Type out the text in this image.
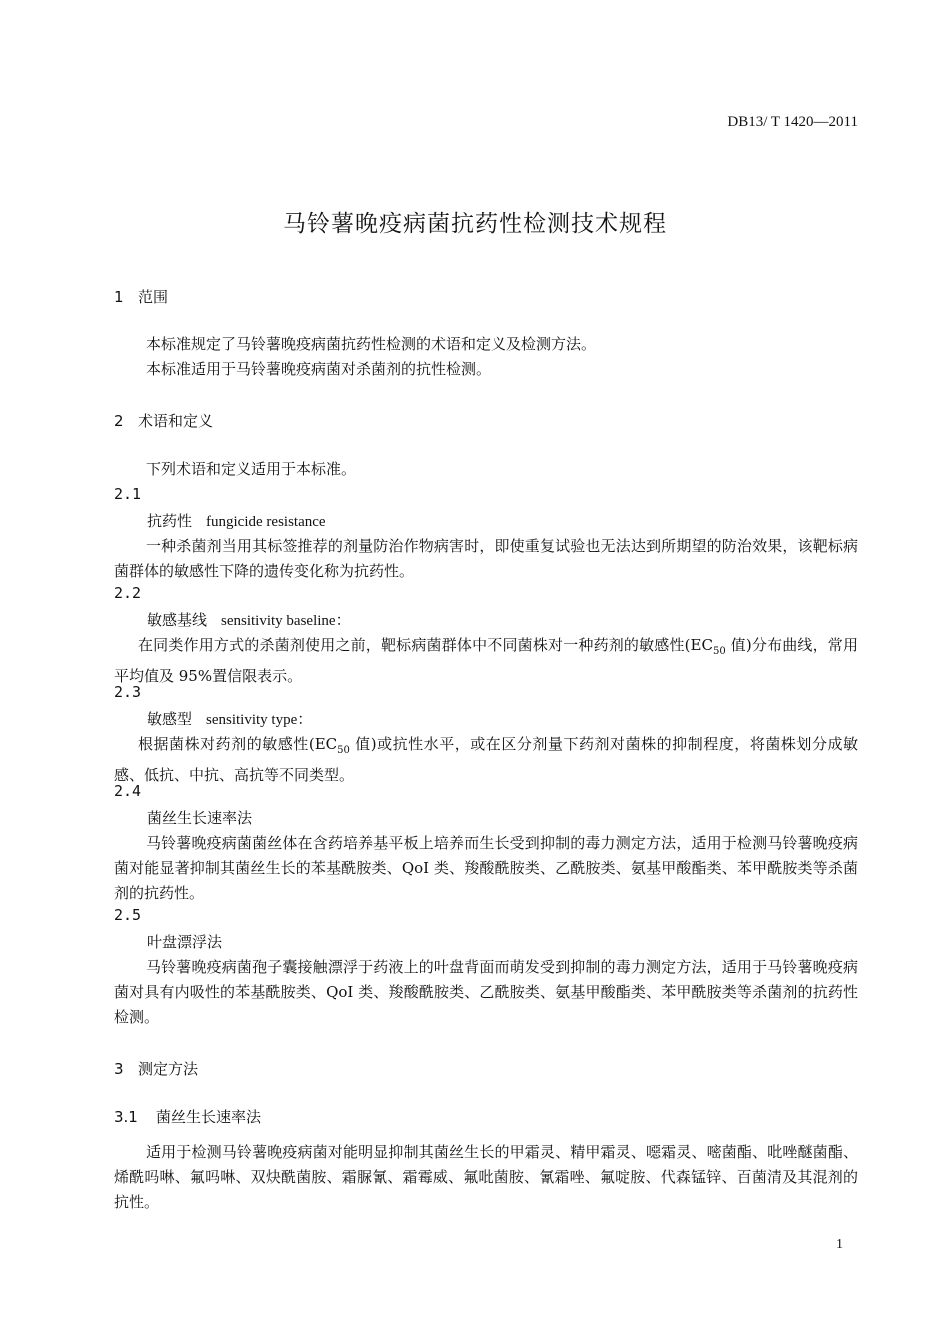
DB13/ T 1420—2011
马铃薯晚疫病菌抗药性检测技术规程
1 范围
本标准规定了马铃薯晚疫病菌抗药性检测的术语和定义及检测方法。
本标准适用于马铃薯晚疫病菌对杀菌剂的抗性检测。
2 术语和定义
下列术语和定义适用于本标准。
2.1
抗药性 fungicide resistance
一种杀菌剂当用其标签推荐的剂量防治作物病害时，即使重复试验也无法达到所期望的防治效果，该靶标病菌群体的敏感性下降的遗传变化称为抗药性。
2.2
敏感基线 sensitivity baseline：
在同类作用方式的杀菌剂使用之前，靶标病菌群体中不同菌株对一种药剂的敏感性($EC_{50}$ 值)分布曲线，常用平均值及 95%置信限表示。
2.3
敏感型 sensitivity type：
根据菌株对药剂的敏感性($EC_{50}$ 值)或抗性水平，或在区分剂量下药剂对菌株的抑制程度，将菌株划分成敏感、低抗、中抗、高抗等不同类型。
2.4
菌丝生长速率法
马铃薯晚疫病菌菌丝体在含药培养基平板上培养而生长受到抑制的毒力测定方法，适用于检测马铃薯晚疫病菌对能显著抑制其菌丝生长的苯基酰胺类、QoI 类、羧酸酰胺类、乙酰胺类、氨基甲酸酯类、苯甲酰胺类等杀菌剂的抗药性。
2.5
叶盘漂浮法
马铃薯晚疫病菌孢子囊接触漂浮于药液上的叶盘背面而萌发受到抑制的毒力测定方法，适用于马铃薯晚疫病菌对具有内吸性的苯基酰胺类、QoI 类、羧酸酰胺类、乙酰胺类、氨基甲酸酯类、苯甲酰胺类等杀菌剂的抗药性检测。
3 测定方法
3.1 菌丝生长速率法
适用于检测马铃薯晚疫病菌对能明显抑制其菌丝生长的甲霜灵、精甲霜灵、噁霜灵、嘧菌酯、吡唑醚菌酯、烯酰吗啉、氟吗啉、双炔酰菌胺、霜脲氰、霜霉威、氟吡菌胺、氰霜唑、氟啶胺、代森锰锌、百菌清及其混剂的抗性。
1
